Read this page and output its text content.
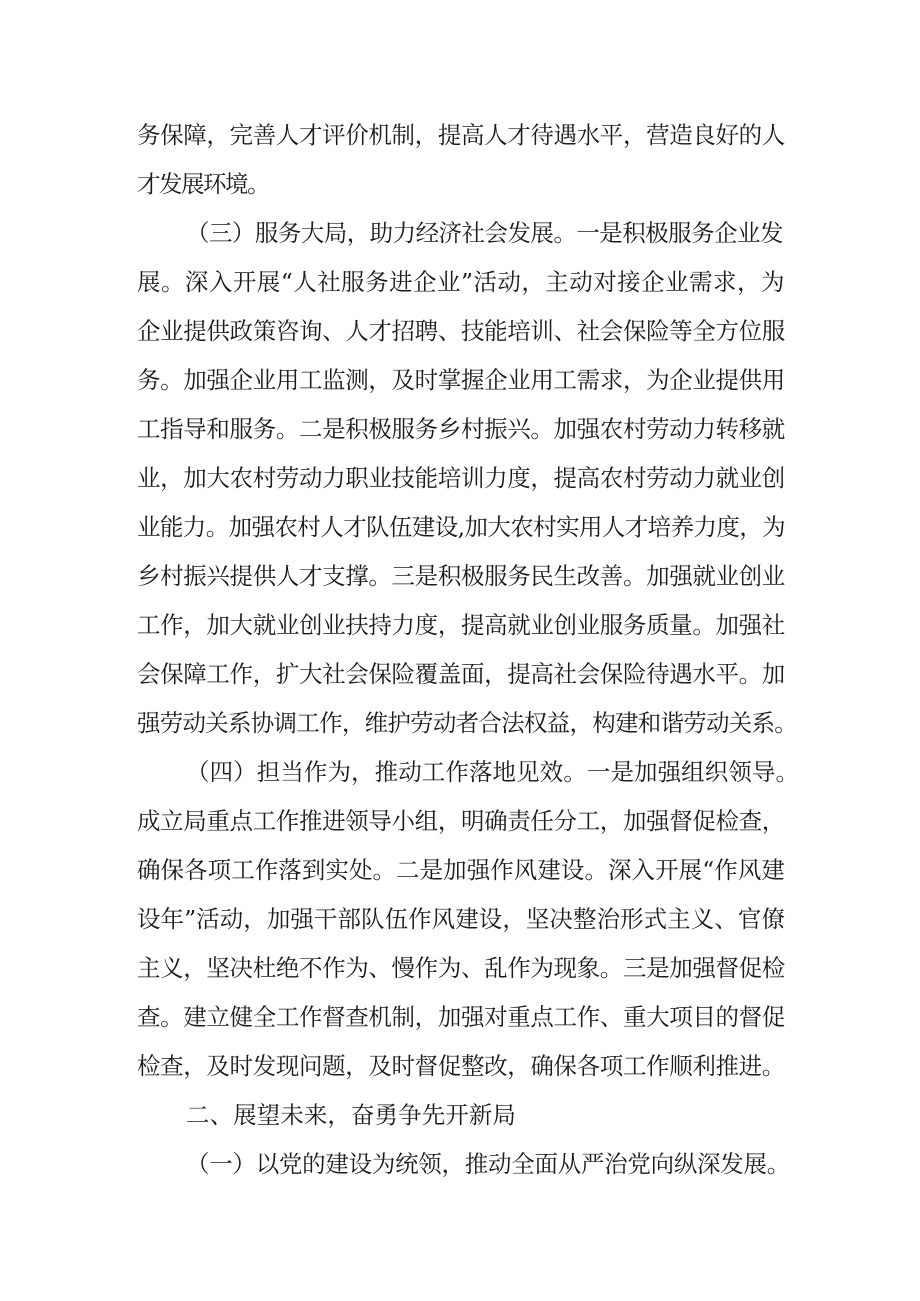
务保障，完善人才评价机制，提高人才待遇水平，营造良好的人
才发展环境。
（三）服务大局，助力经济社会发展。一是积极服务企业发
展。深入开展“人社服务进企业”活动，主动对接企业需求，为
企业提供政策咨询、人才招聘、技能培训、社会保险等全方位服
务。加强企业用工监测，及时掌握企业用工需求，为企业提供用
工指导和服务。二是积极服务乡村振兴。加强农村劳动力转移就
业，加大农村劳动力职业技能培训力度，提高农村劳动力就业创
业能力。加强农村人才队伍建设,加大农村实用人才培养力度，为
乡村振兴提供人才支撑。三是积极服务民生改善。加强就业创业
工作，加大就业创业扶持力度，提高就业创业服务质量。加强社
会保障工作，扩大社会保险覆盖面，提高社会保险待遇水平。加
强劳动关系协调工作，维护劳动者合法权益，构建和谐劳动关系。
（四）担当作为，推动工作落地见效。一是加强组织领导。
成立局重点工作推进领导小组，明确责任分工，加强督促检查，
确保各项工作落到实处。二是加强作风建设。深入开展“作风建
设年”活动，加强干部队伍作风建设，坚决整治形式主义、官僚
主义，坚决杜绝不作为、慢作为、乱作为现象。三是加强督促检
查。建立健全工作督查机制，加强对重点工作、重大项目的督促
检查，及时发现问题，及时督促整改，确保各项工作顺利推进。
二、展望未来，奋勇争先开新局
（一）以党的建设为统领，推动全面从严治党向纵深发展。
